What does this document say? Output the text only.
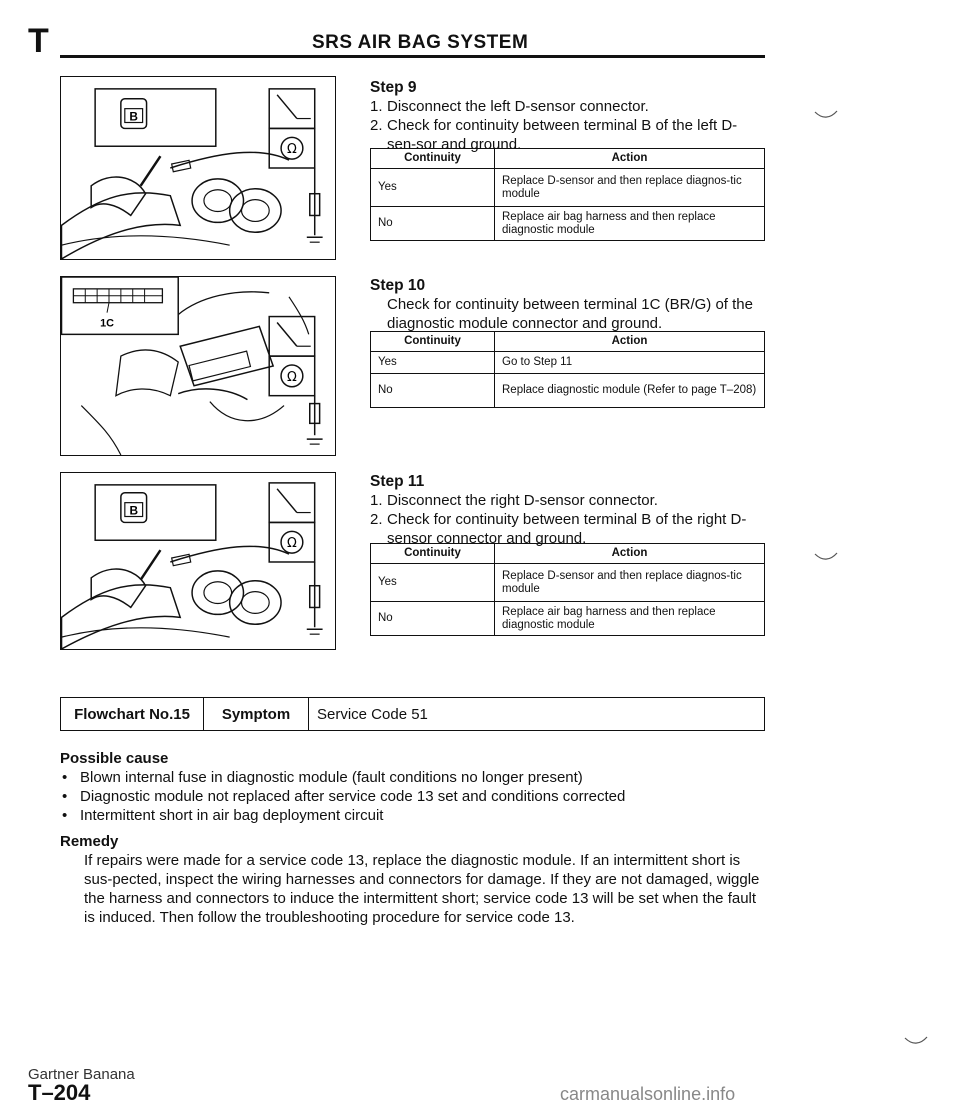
T	SRS AIR BAG SYSTEM
B
Ω
1C
Ω
B
Ω
Step 9
1. Disconnect the left D-sensor connector.
2. Check for continuity between terminal B of the left D-sen-sor and ground.
Continuity	Action
Yes	Replace D-sensor and then replace diagnos-tic module
No	Replace air bag harness and then replace diagnostic module
Step 10
Check for continuity between terminal 1C (BR/G) of the diagnostic module connector and ground.
Continuity	Action
Yes	Go to Step 11
No	Replace diagnostic module (Refer to page T–208)
Step 11
1. Disconnect the right D-sensor connector.
2. Check for continuity between terminal B of the right D-sensor connector and ground.
Continuity	Action
Yes	Replace D-sensor and then replace diagnos-tic module
No	Replace air bag harness and then replace diagnostic module
Flowchart No.15	Symptom	Service Code 51
Possible cause
• Blown internal fuse in diagnostic module (fault conditions no longer present)
• Diagnostic module not replaced after service code 13 set and conditions corrected
• Intermittent short in air bag deployment circuit
Remedy
If repairs were made for a service code 13, replace the diagnostic module. If an intermittent short is sus-pected, inspect the wiring harnesses and connectors for damage. If they are not damaged, wiggle the harness and connectors to induce the intermittent short; service code 13 will be set when the fault is induced. Then follow the troubleshooting procedure for service code 13.
Gartner Banana
T–204	carmanualsonline.info
